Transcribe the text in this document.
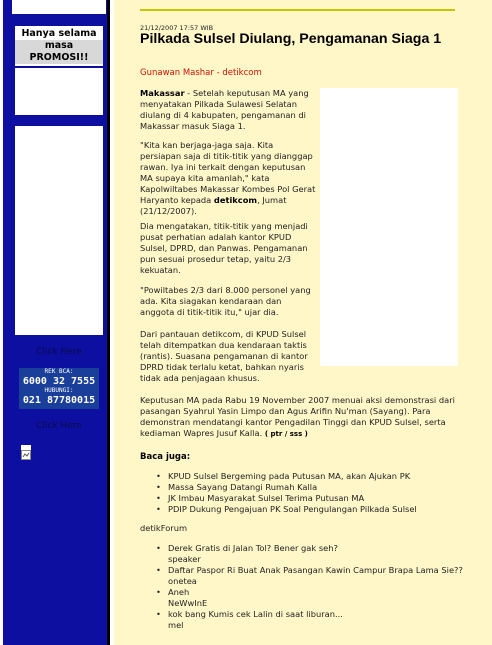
Hanya selama
masa
PROMOSI!!
Click Here
REK BCA:
6000 32 7555
HUBUNGI:
021 87780015
Click Here
21/12/2007 17:57 WIB
Pilkada Sulsel Diulang, Pengamanan Siaga 1
Gunawan Mashar - detikcom
Makassar - Setelah keputusan MA yang menyatakan Pilkada Sulawesi Selatan diulang di 4 kabupaten, pengamanan di Makassar masuk Siaga 1.
"Kita kan berjaga-jaga saja. Kita persiapan saja di titik-titik yang dianggap rawan. Iya ini terkait dengan keputusan MA supaya kita amanlah," kata Kapolwiltabes Makassar Kombes Pol Gerat Haryanto kepada detikcom, Jumat (21/12/2007).
Dia mengatakan, titik-titik yang menjadi pusat perhatian adalah kantor KPUD Sulsel, DPRD, dan Panwas. Pengamanan pun sesuai prosedur tetap, yaitu 2/3 kekuatan.
"Powiltabes 2/3 dari 8.000 personel yang ada. Kita siagakan kendaraan dan anggota di titik-titik itu," ujar dia.
Dari pantauan detikcom, di KPUD Sulsel telah ditempatkan dua kendaraan taktis (rantis). Suasana pengamanan di kantor DPRD tidak terlalu ketat, bahkan nyaris tidak ada penjagaan khusus.
Keputusan MA pada Rabu 19 November 2007 menuai aksi demonstrasi dari pasangan Syahrul Yasin Limpo dan Agus Arifin Nu'man (Sayang). Para demonstran mendatangi kantor Pengadilan Tinggi dan KPUD Sulsel, serta kediaman Wapres Jusuf Kalla. ( ptr / sss )
Baca juga:
• KPUD Sulsel Bergeming pada Putusan MA, akan Ajukan PK
• Massa Sayang Datangi Rumah Kalla
• JK Imbau Masyarakat Sulsel Terima Putusan MA
• PDIP Dukung Pengajuan PK Soal Pengulangan Pilkada Sulsel
detikForum
• Derek Gratis di Jalan Tol? Bener gak seh?
speaker
• Daftar Paspor Ri Buat Anak Pasangan Kawin Campur Brapa Lama Sie??
onetea
• Aneh
NeWwInE
• kok bang Kumis cek Lalin di saat liburan...
mel
